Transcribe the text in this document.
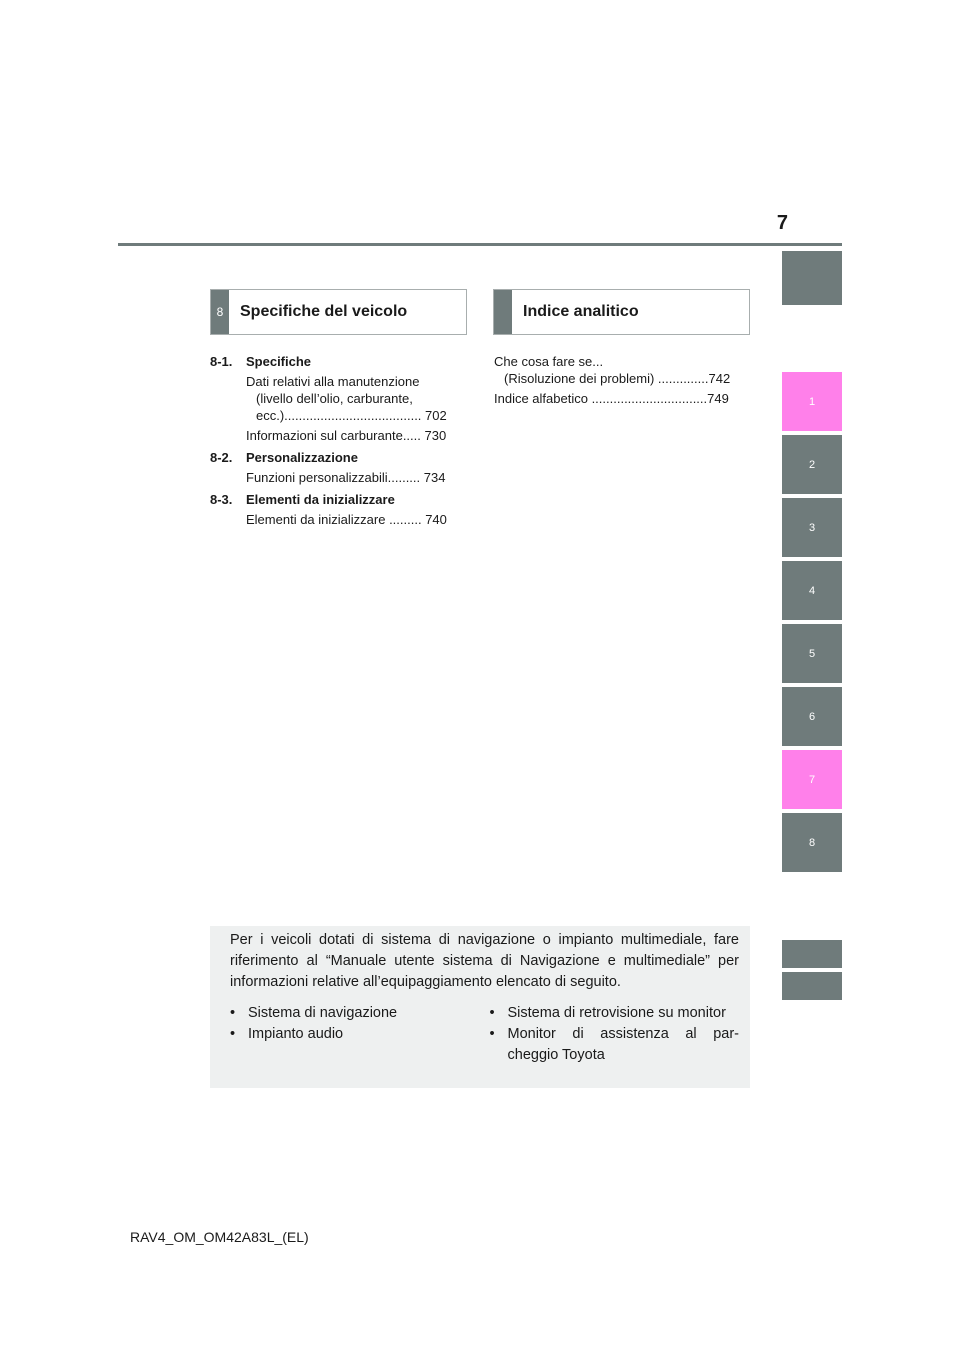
7
1
2
3
4
5
6
7
8
8	Specifiche del veicolo	Indice analitico
8-1. Specifiche
Dati relativi alla manutenzione
(livello dell’olio, carburante,
ecc.)...................................... 702
Informazioni sul carburante..... 730
8-2. Personalizzazione
Funzioni personalizzabili......... 734
8-3. Elementi da inizializzare
Elementi da inizializzare ......... 740
Che cosa fare se...
(Risoluzione dei problemi) ..............742
Indice alfabetico ................................749

Per i veicoli dotati di sistema di navigazione o impianto multimediale, fare riferimento al “Manuale utente sistema di Navigazione e multimediale” per informazioni relative all’equipaggiamento elencato di seguito.

• Sistema di navigazione
• Impianto audio
• Sistema di retrovisione su monitor
• Monitor di assistenza al par-cheggio Toyota
RAV4_OM_OM42A83L_(EL)
